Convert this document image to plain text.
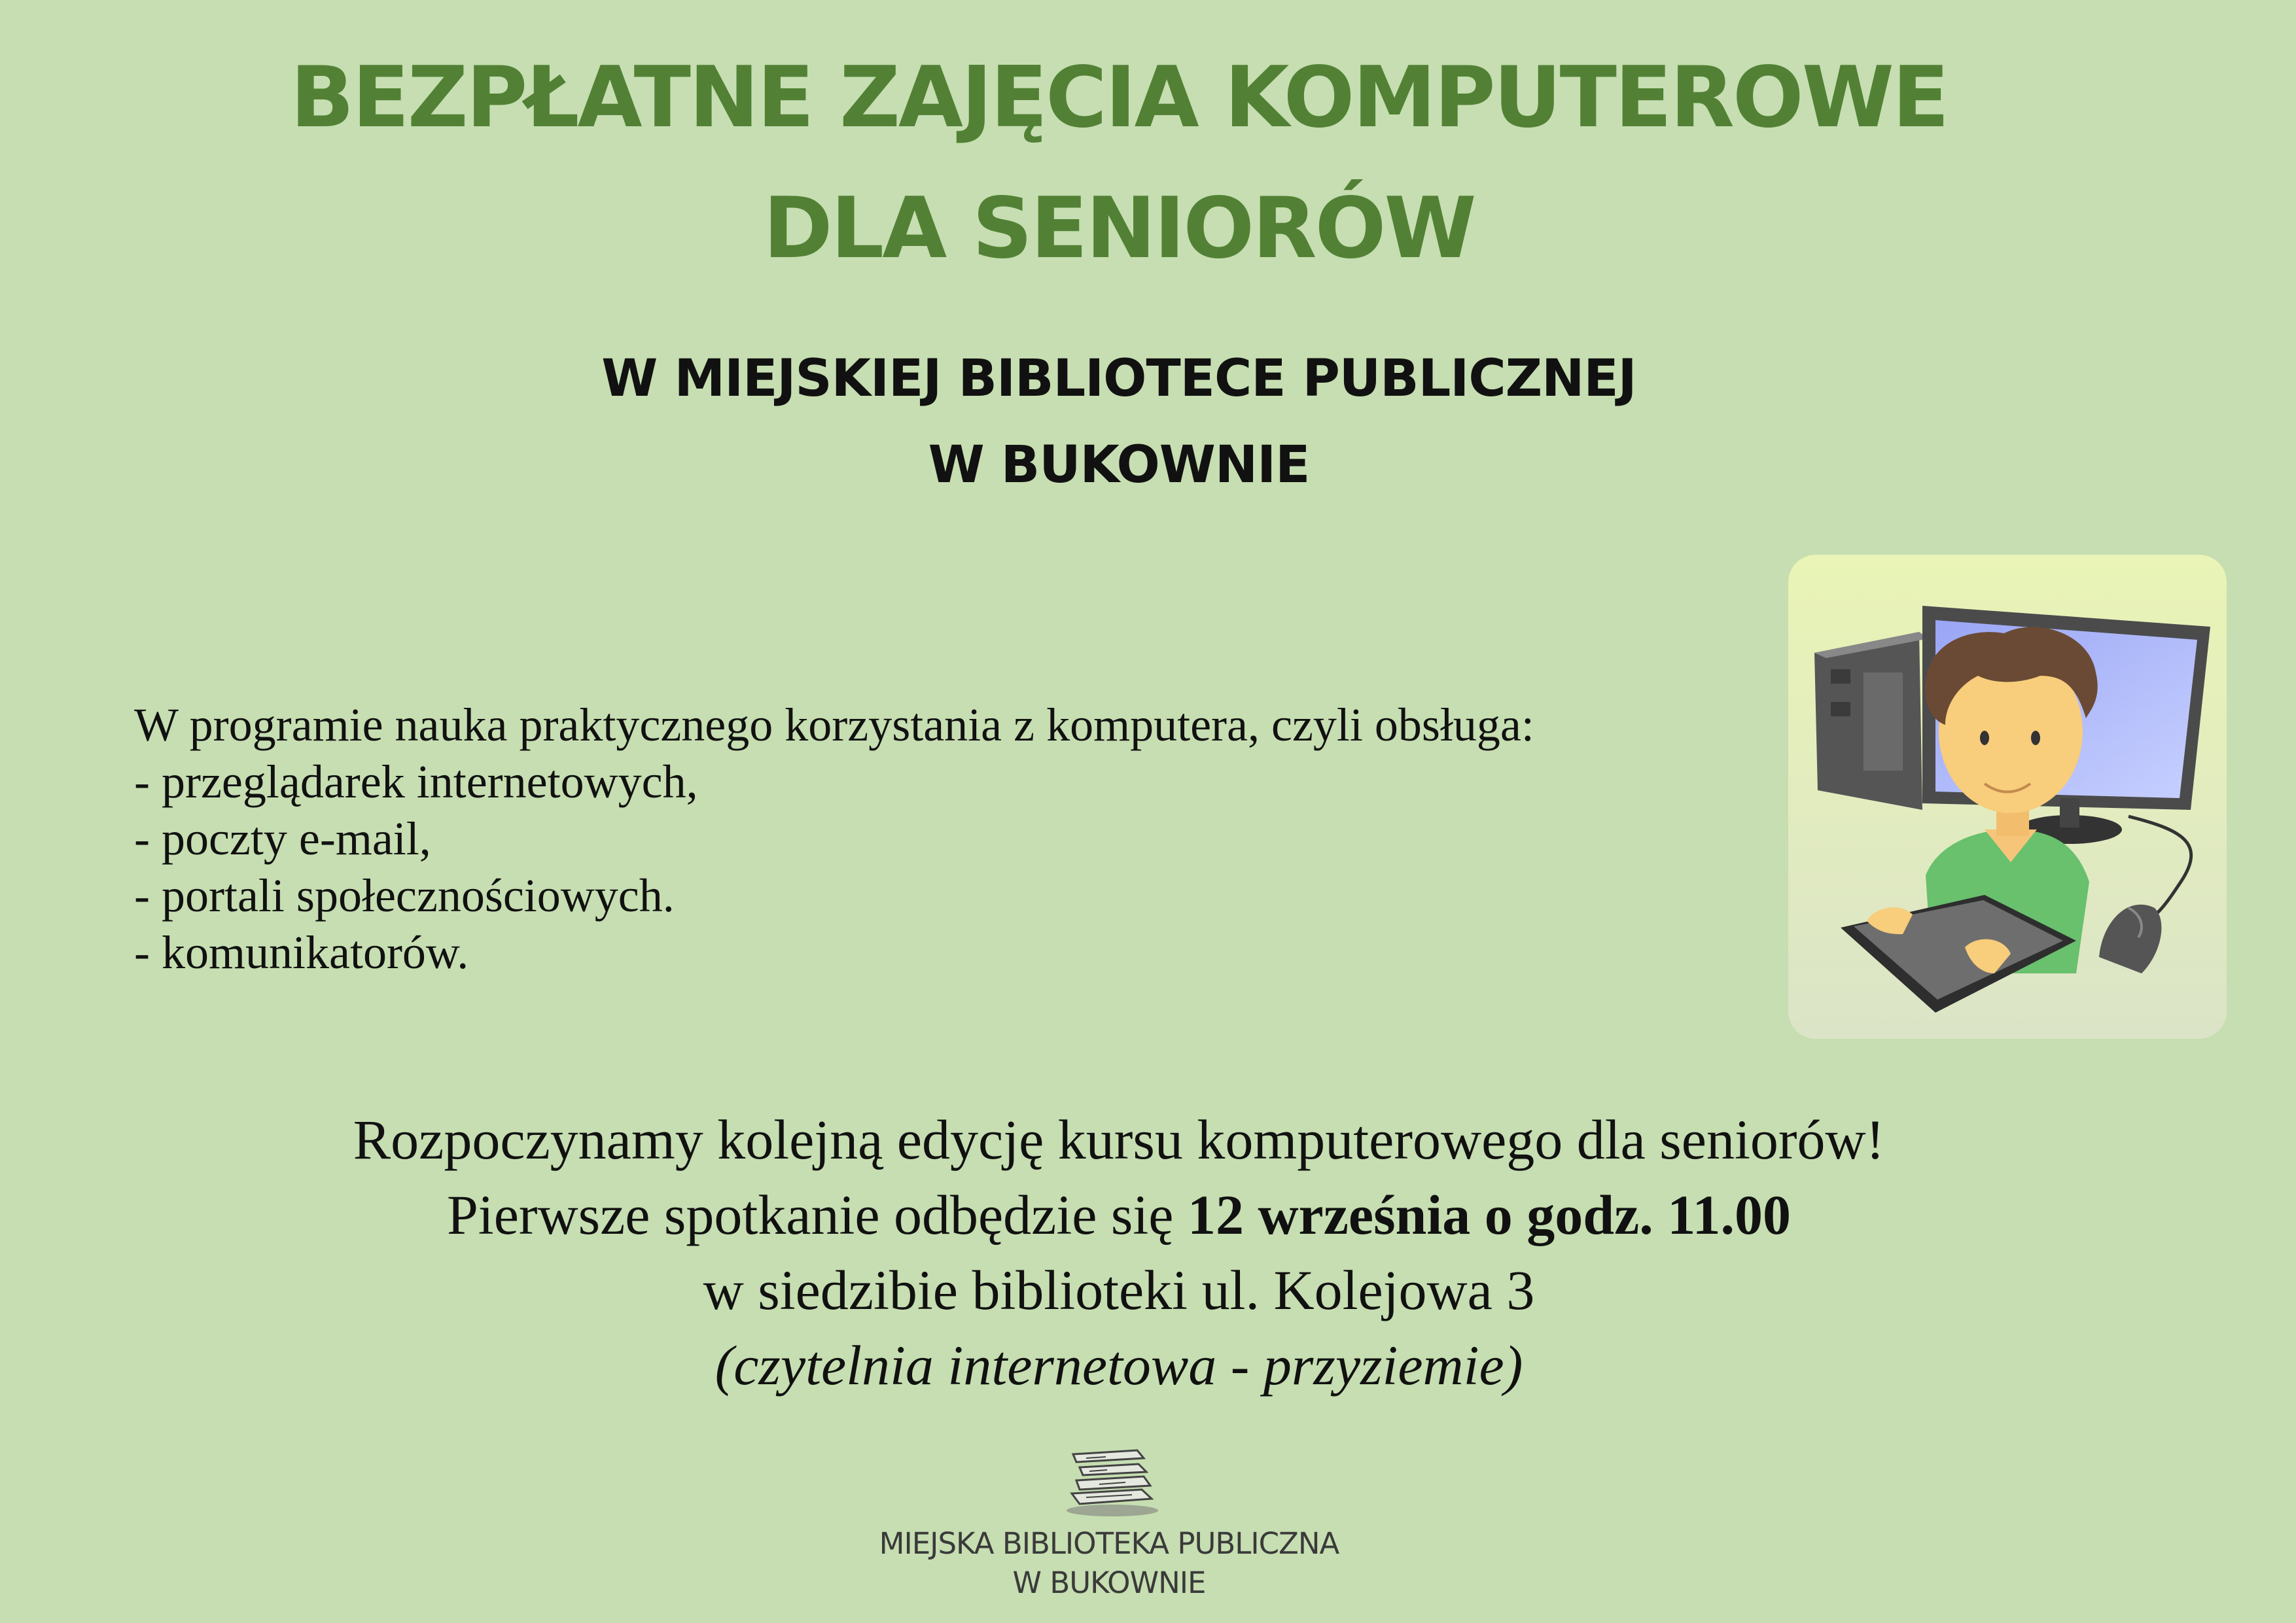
BEZPŁATNE ZAJĘCIA KOMPUTEROWE
DLA SENIORÓW
W MIEJSKIEJ BIBLIOTECE PUBLICZNEJ
W BUKOWNIE
W programie nauka praktycznego korzystania z komputera, czyli obsługa:
- przeglądarek internetowych,
- poczty e-mail,
- portali społecznościowych.
- komunikatorów.
Rozpoczynamy kolejną edycję kursu komputerowego dla seniorów!
Pierwsze spotkanie odbędzie się 12 września o godz. 11.00
w siedzibie biblioteki ul. Kolejowa 3
(czytelnia internetowa - przyziemie)
MIEJSKA BIBLIOTEKA PUBLICZNA
W BUKOWNIE
